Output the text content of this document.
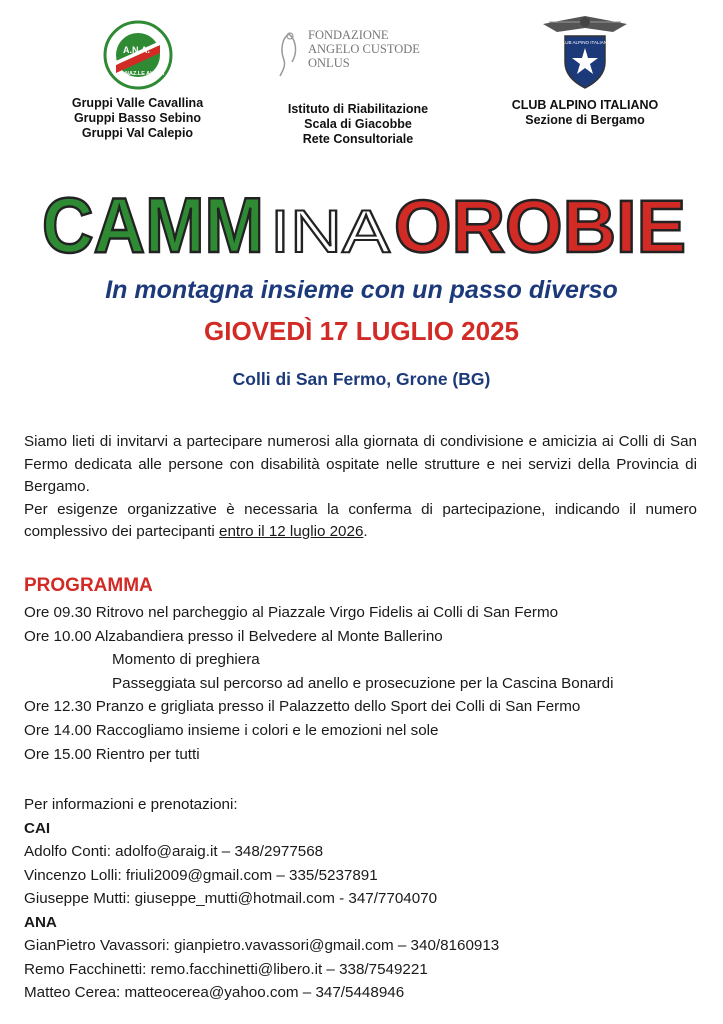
A.N.A.
NAZ.LE ALPINI
Gruppi Valle Cavallina
Gruppi Basso Sebino
Gruppi Val Calepio
FONDAZIONE
ANGELO CUSTODE
ONLUS
Istituto di Riabilitazione
Scala di Giacobbe
Rete Consultoriale
CLUB ALPINO ITALIANO
CLUB ALPINO ITALIANO
Sezione di Bergamo
CAMM INA OROBIE
In montagna insieme con un passo diverso
GIOVEDÌ 17 LUGLIO 2025
Colli di San Fermo, Grone (BG)

Siamo lieti di invitarvi a partecipare numerosi alla giornata di condivisione e amicizia ai Colli di San Fermo dedicata alle persone con disabilità ospitate nelle strutture e nei servizi della Provincia di Bergamo.

Per esigenze organizzative è necessaria la conferma di partecipazione, indicando il numero complessivo dei partecipanti entro il 12 luglio 2026.

PROGRAMMA
Ore 09.30 Ritrovo nel parcheggio al Piazzale Virgo Fidelis ai Colli di San Fermo
Ore 10.00 Alzabandiera presso il Belvedere al Monte Ballerino
Momento di preghiera
Passeggiata sul percorso ad anello e prosecuzione per la Cascina Bonardi
Ore 12.30 Pranzo e grigliata presso il Palazzetto dello Sport dei Colli di San Fermo
Ore 14.00 Raccogliamo insieme i colori e le emozioni nel sole
Ore 15.00 Rientro per tutti
Per informazioni e prenotazioni:
CAI
Adolfo Conti: adolfo@araig.it – 348/2977568
Vincenzo Lolli: friuli2009@gmail.com – 335/5237891
Giuseppe Mutti: giuseppe_mutti@hotmail.com - 347/7704070
ANA
GianPietro Vavassori: gianpietro.vavassori@gmail.com – 340/8160913
Remo Facchinetti: remo.facchinetti@libero.it – 338/7549221
Matteo Cerea: matteocerea@yahoo.com – 347/5448946
